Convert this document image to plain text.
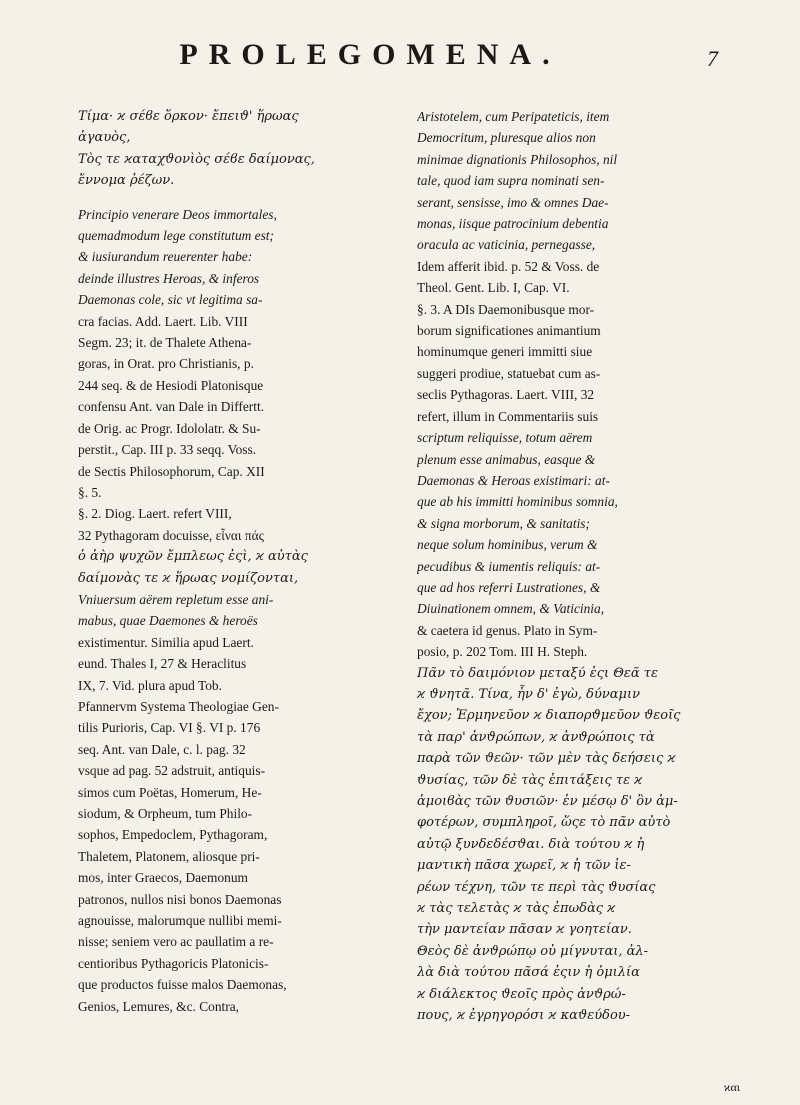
PROLEGOMENA.	7
Τίμα· ϰ σέϐε ὅρκον· ἔπειϑ' ἥρωας
ἀγαυὸς,
Τὸς τε ϰαταχϑονὶὸς σέϐε δαίμονας,
ἔννομα ῥέζων.
Principio venerare Deos immortales,
quemadmodum lege constitutum est;
& iusiurandum reuerenter habe:
deinde illustres Heroas, & inferos
Daemonas cole, sic vt legitima sa-
cra facias. Add. Laert. Lib. VIII
Segm. 23; it. de Thalete Athena-
goras, in Orat. pro Christianis, p.
244 seq. & de Hesiodi Platonisque
confensu Ant. van Dale in Differtt.
de Orig. ac Progr. Idololatr. & Su-
perstit., Cap. III p. 33 seqq. Voss.
de Sectis Philosophorum, Cap. XII
§. 5.
§. 2. Diog. Laert. refert VIII,
32 Pythagoram docuisse, εἶναι πάς
ὁ ἀὴρ ψυχῶν ἔμπλεως ἐςὶ, ϰ αὐτὰς
δαίμονὰς τε ϰ ἥρωας νομίζονται,
Vniuersum aërem repletum esse ani-
mabus, quae Daemones & heroës
existimentur. Similia apud Laert.
eund. Thales I, 27 & Heraclitus
IX, 7. Vid. plura apud Tob.
Pfannervm Systema Theologiae Gen-
tilis Purioris, Cap. VI §. VI p. 176
seq. Ant. van Dale, c. l. pag. 32
vsque ad pag. 52 adstruit, antiquis-
simos cum Poëtas, Homerum, He-
siodum, & Orpheum, tum Philo-
sophos, Empedoclem, Pythagoram,
Thaletem, Platonem, aliosque pri-
mos, inter Graecos, Daemonum
patronos, nullos nisi bonos Daemonas
agnouisse, malorumque nullibi memi-
nisse; seniem vero ac paullatim a re-
centioribus Pythagoricis Platonicis-
que productos fuisse malos Daemonas,
Genios, Lemures, &c. Contra,
Aristotelem, cum Peripateticis, item
Democritum, pluresque alios non
minimae dignationis Philosophos, nil
tale, quod iam supra nominati sen-
serant, sensisse, imo & omnes Dae-
monas, iisque patrocinium debentia
oracula ac vaticinia, pernegasse,
Idem afferit ibid. p. 52 & Voss. de
Theol. Gent. Lib. I, Cap. VI.
§. 3. A DIs Daemonibusque mor-
borum significationes animantium
hominumque generi immitti siue
suggeri prodiue, statuebat cum as-
seclis Pythagoras. Laert. VIII, 32
refert, illum in Commentariis suis
scriptum reliquisse, totum aërem
plenum esse animabus, easque &
Daemonas & Heroas existimari: at-
que ab his immitti hominibus somnia,
& signa morborum, & sanitatis;
neque solum hominibus, verum &
pecudibus & iumentis reliquis: at-
que ad hos referri Lustrationes, &
Diuinationem omnem, & Vaticinia,
& caetera id genus. Plato in Sym-
posio, p. 202 Tom. III H. Steph.
Πᾶν τὸ δαιμόνιον μεταξύ ἐςι Θεᾶ τε
ϰ ϑνητᾶ. Τίνα, ἦν δ' ἐγὼ, δύναμιν
ἔχον; Ἑρμηνεῦον ϰ διαπορϑμεῦον ϑεοῖς
τὰ παρ' ἀνϑρώπων, ϰ ἀνϑρώποις τὰ
παρὰ τῶν ϑεῶν· τῶν μὲν τὰς δεήσεις ϰ
ϑυσίας, τῶν δὲ τὰς ἐπιτάξεις τε ϰ
ἀμοιϐὰς τῶν ϑυσιῶν· ἐν μέσῳ δ' ὂν ἀμ-
φοτέρων, συμπληροῖ, ὥςε τὸ πᾶν αὐτὸ
αὐτῷ ξυνδεδέσϑαι. διὰ τούτου ϰ ἡ
μαντικὴ πᾶσα χωρεῖ, ϰ ἡ τῶν ἱε-
ρέων τέχνη, τῶν τε περὶ τὰς ϑυσίας
ϰ τὰς τελετὰς ϰ τὰς ἐπωδὰς ϰ
τὴν μαντείαν πᾶσαν ϰ γοητείαν.
Θεὸς δὲ ἀνϑρώπῳ οὐ μίγνυται, ἀλ-
λὰ διὰ τούτου πᾶσά ἐςιν ἡ ὁμιλία
ϰ διάλεκτος ϑεοῖς πρὸς ἀνϑρώ-
πους, ϰ ἐγρηγορόσι ϰ καϑεύδου-
ϰαι
